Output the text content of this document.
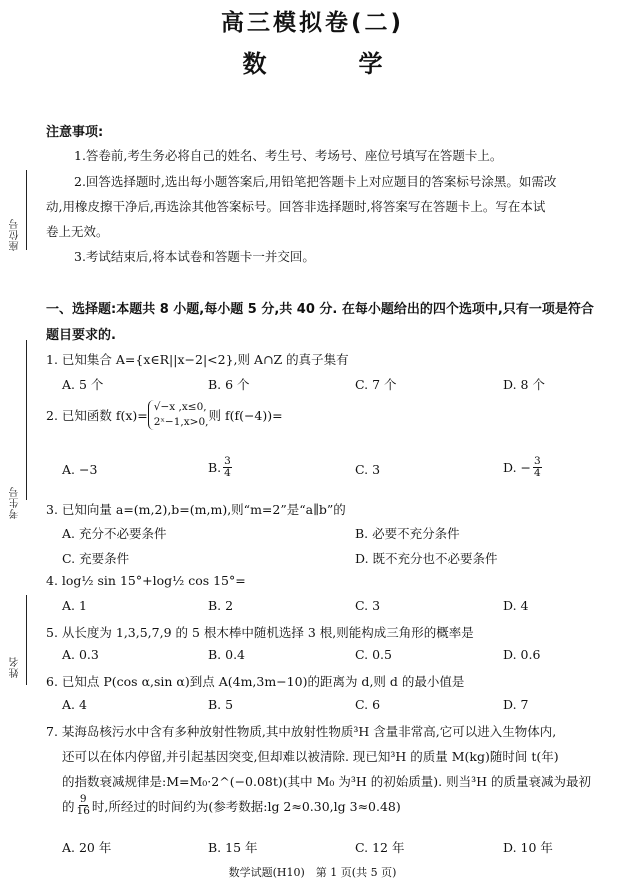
高三模拟卷(二)
数　学
座位号
考生号
姓名
注意事项:
1.答卷前,考生务必将自己的姓名、考生号、考场号、座位号填写在答题卡上。
2.回答选择题时,选出每小题答案后,用铅笔把答题卡上对应题目的答案标号涂黑。如需改
动,用橡皮擦干净后,再选涂其他答案标号。回答非选择题时,将答案写在答题卡上。写在本试
卷上无效。
3.考试结束后,将本试卷和答题卡一并交回。
一、选择题:本题共 8 小题,每小题 5 分,共 40 分. 在每小题给出的四个选项中,只有一项是符合
题目要求的.
1. 已知集合 A={x∈R||x−2|<2},则 A∩Z 的真子集有
A. 5 个	B. 6 个	C. 7 个	D. 8 个
2. 已知函数 f(x)=
√−x ,x≤0,
2ˣ−1,x>0, 则 f(f(−4))=
A. −3	B. $\frac{3}{4}$	C. 3	D. − $\frac{3}{4}$
3. 已知向量 a=(m,2),b=(m,m),则“m=2”是“a∥b”的
A. 充分不必要条件	B. 必要不充分条件
C. 充要条件	D. 既不充分也不必要条件
4. log½ sin 15°+log½ cos 15°=
A. 1	B. 2	C. 3	D. 4
5. 从长度为 1,3,5,7,9 的 5 根木棒中随机选择 3 根,则能构成三角形的概率是
A. 0.3	B. 0.4	C. 0.5	D. 0.6
6. 已知点 P(cos α,sin α)到点 A(4m,3m−10)的距离为 d,则 d 的最小值是
A. 4	B. 5	C. 6	D. 7
7. 某海岛核污水中含有多种放射性物质,其中放射性物质³H 含量非常高,它可以进入生物体内,
还可以在体内停留,并引起基因突变,但却难以被清除. 现已知³H 的质量 M(kg)随时间 t(年)
的指数衰减规律是:M=M₀·2^(−0.08t)(其中 M₀ 为³H 的初始质量). 则当³H 的质量衰减为最初
的 $\frac{9}{16}$ 时,所经过的时间约为(参考数据:lg 2≈0.30,lg 3≈0.48)
A. 20 年	B. 15 年	C. 12 年	D. 10 年
数学试题(H10)　第 1 页(共 5 页)
